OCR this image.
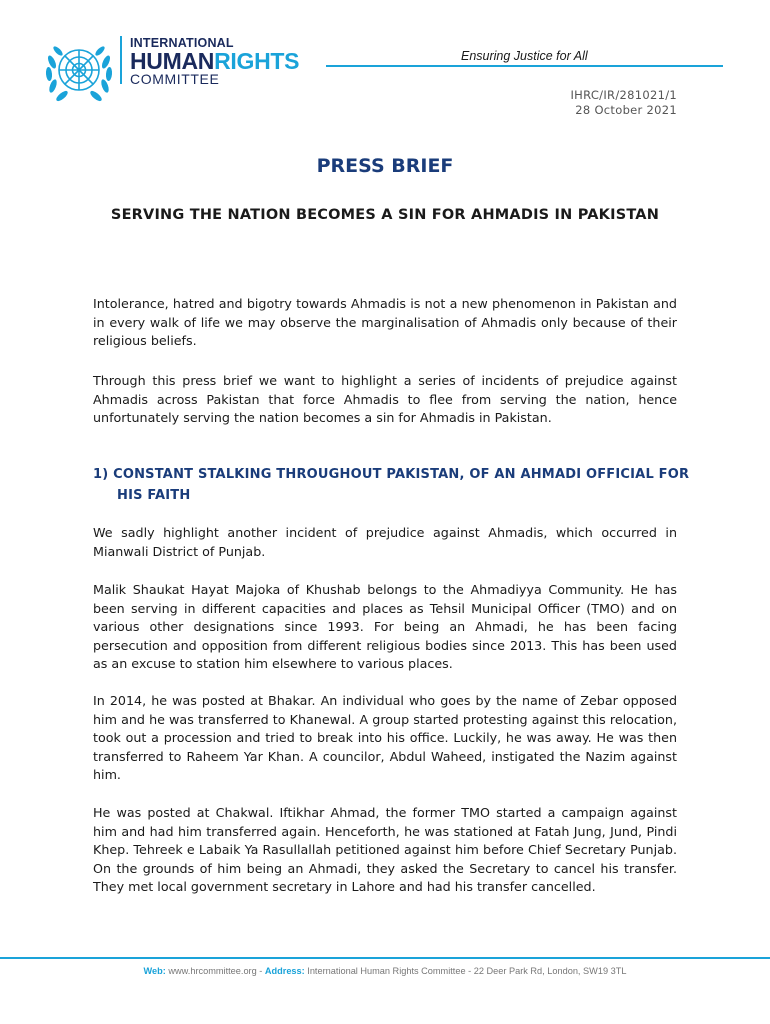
INTERNATIONAL
HUMANRIGHTS
COMMITTEE
Ensuring Justice for All
IHRC/IR/281021/1
28 October 2021
PRESS BRIEF
SERVING THE NATION BECOMES A SIN FOR AHMADIS IN PAKISTAN

Intolerance, hatred and bigotry towards Ahmadis is not a new phenomenon in Pakistan and in every walk of life we may observe the marginalisation of Ahmadis only because of their religious beliefs.

Through this press brief we want to highlight a series of incidents of prejudice against Ahmadis across Pakistan that force Ahmadis to flee from serving the nation, hence unfortunately serving the nation becomes a sin for Ahmadis in Pakistan.

1) CONSTANT STALKING THROUGHOUT PAKISTAN, OF AN AHMADI OFFICIAL FOR HIS FAITH

We sadly highlight another incident of prejudice against Ahmadis, which occurred in Mianwali District of Punjab.

Malik Shaukat Hayat Majoka of Khushab belongs to the Ahmadiyya Community. He has been serving in different capacities and places as Tehsil Municipal Officer (TMO) and on various other designations since 1993. For being an Ahmadi, he has been facing persecution and opposition from different religious bodies since 2013. This has been used as an excuse to station him elsewhere to various places.

In 2014, he was posted at Bhakar. An individual who goes by the name of Zebar opposed him and he was transferred to Khanewal. A group started protesting against this relocation, took out a procession and tried to break into his office. Luckily, he was away. He was then transferred to Raheem Yar Khan. A councilor, Abdul Waheed, instigated the Nazim against him.

He was posted at Chakwal. Iftikhar Ahmad, the former TMO started a campaign against him and had him transferred again. Henceforth, he was stationed at Fatah Jung, Jund, Pindi Khep. Tehreek e Labaik Ya Rasullallah petitioned against him before Chief Secretary Punjab. On the grounds of him being an Ahmadi, they asked the Secretary to cancel his transfer. They met local government secretary in Lahore and had his transfer cancelled.

Web: www.hrcommittee.org - Address: International Human Rights Committee - 22 Deer Park Rd, London, SW19 3TL
